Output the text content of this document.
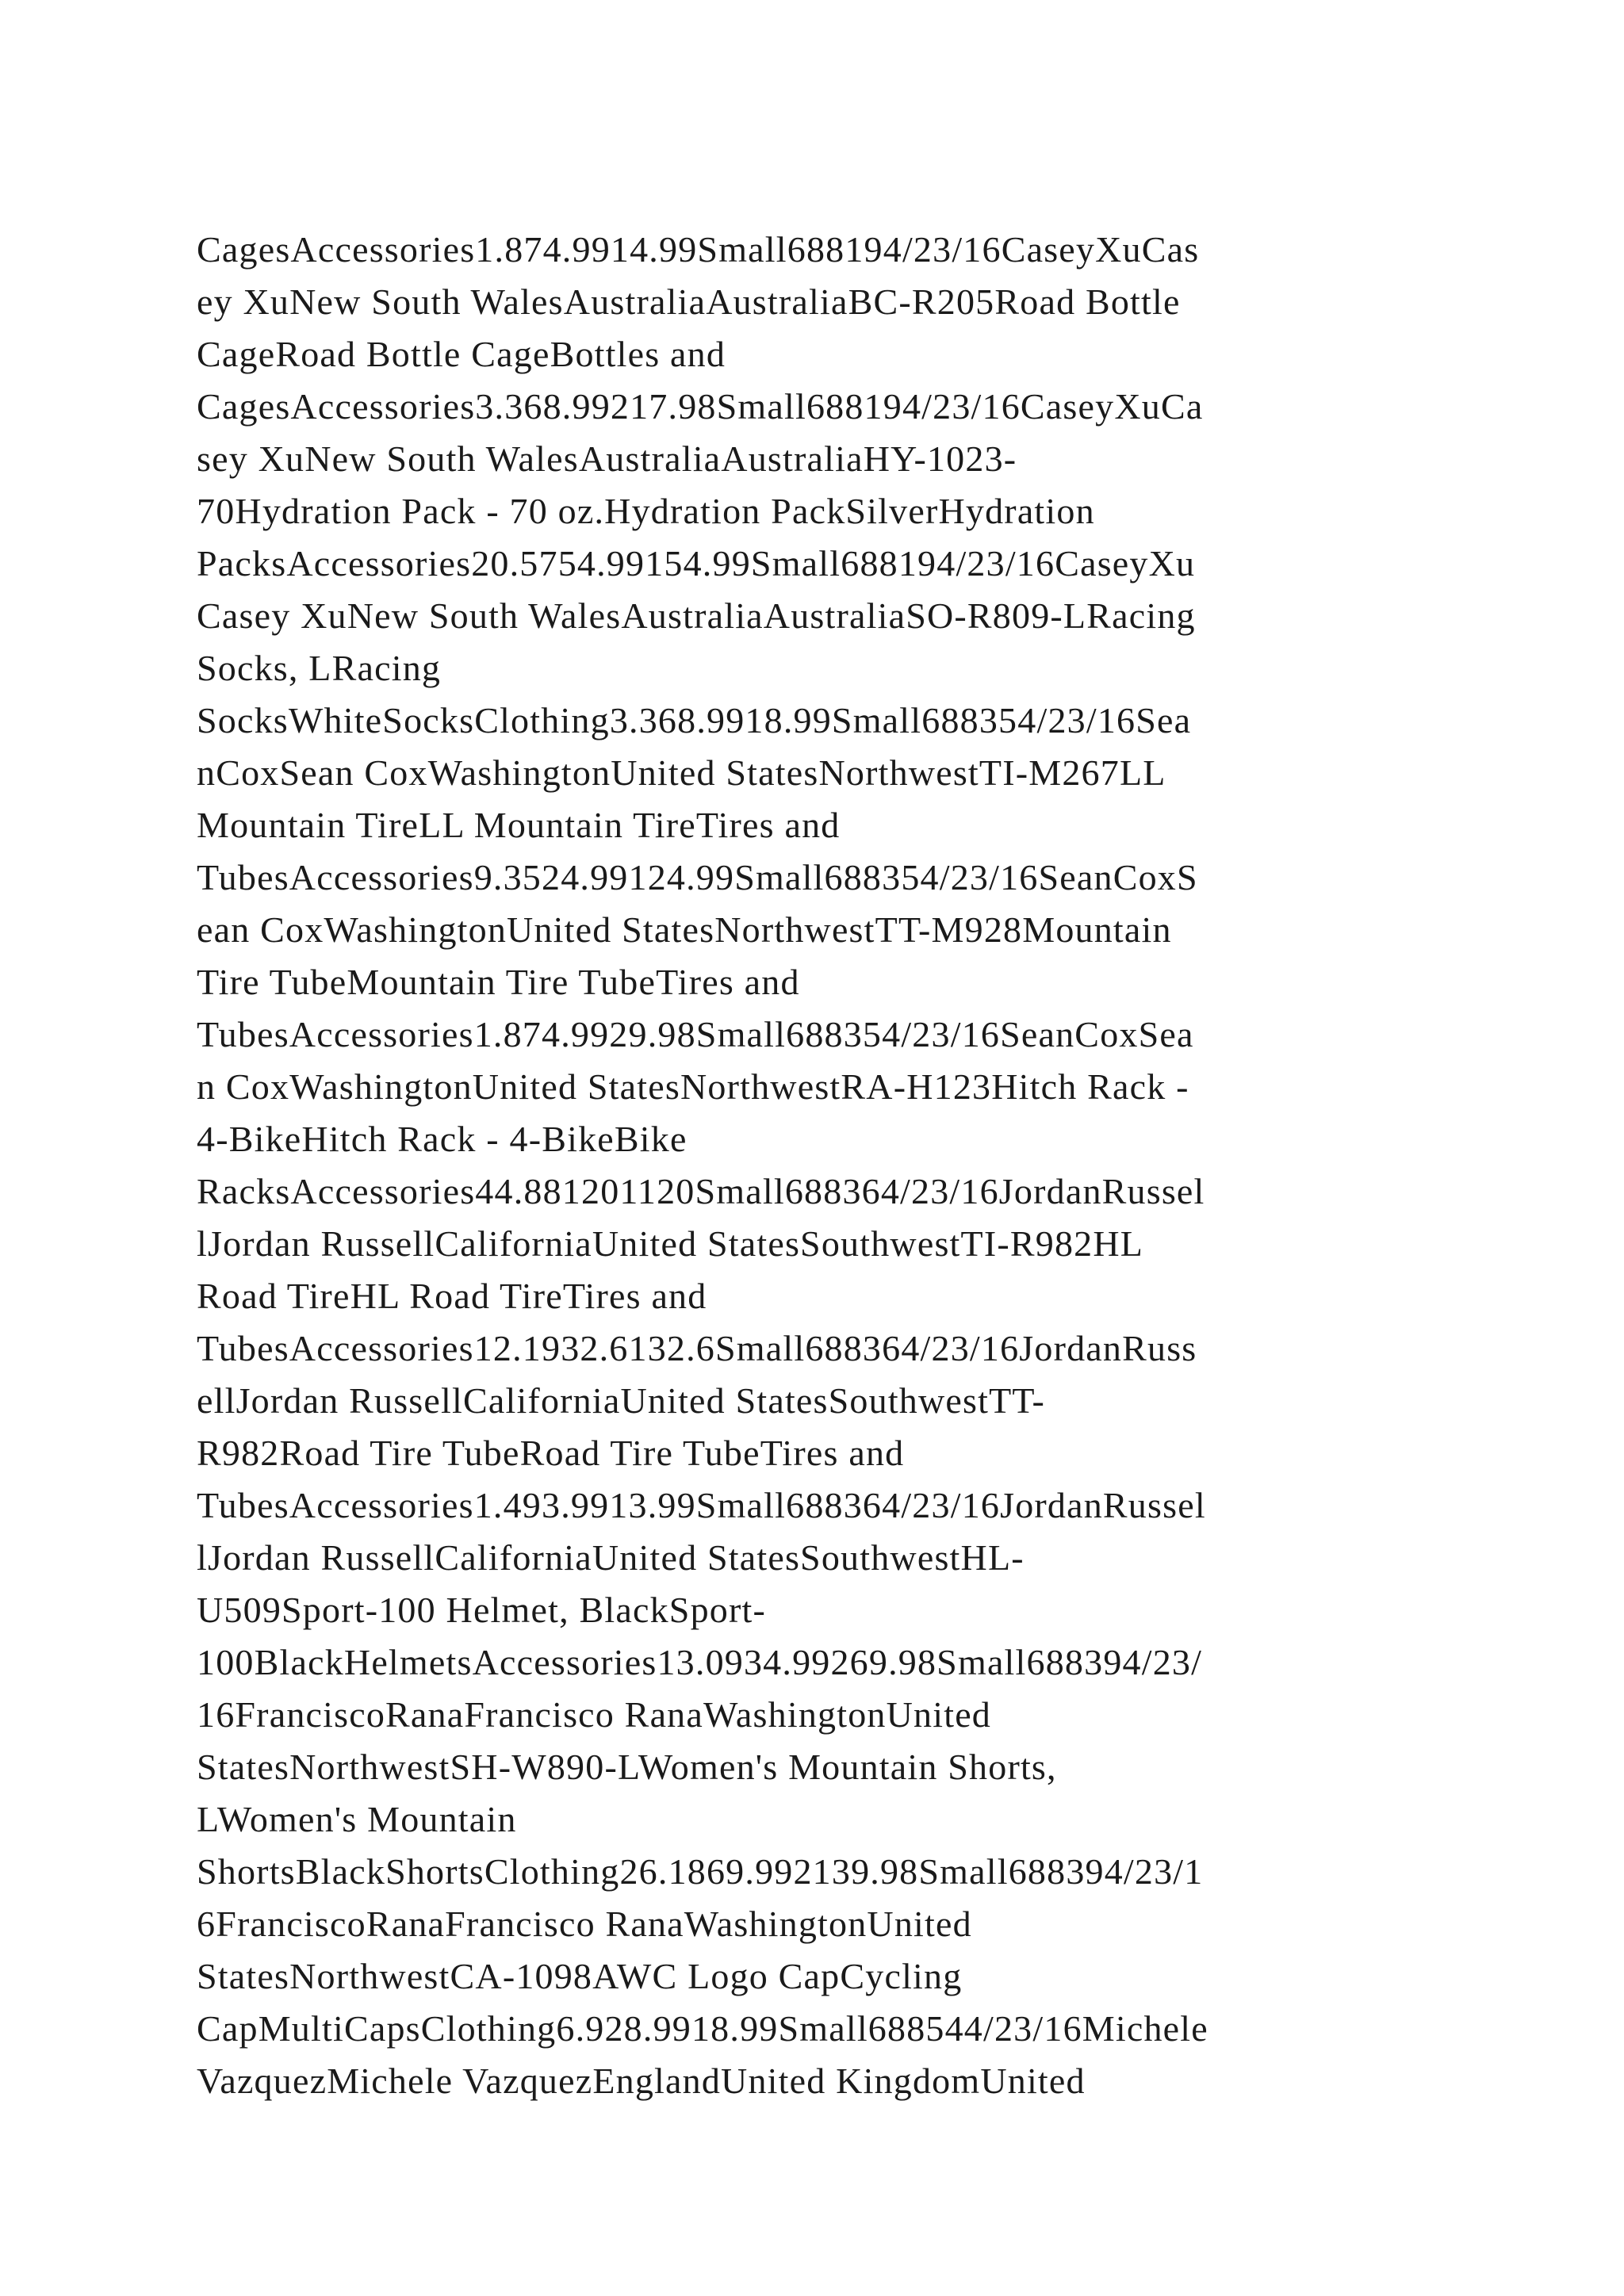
CagesAccessories1.874.9914.99Small688194/23/16CaseyXuCas
ey XuNew South WalesAustraliaAustraliaBC-R205Road Bottle
CageRoad Bottle CageBottles and
CagesAccessories3.368.99217.98Small688194/23/16CaseyXuCa
sey XuNew South WalesAustraliaAustraliaHY-1023-
70Hydration Pack - 70 oz.Hydration PackSilverHydration
PacksAccessories20.5754.99154.99Small688194/23/16CaseyXu
Casey XuNew South WalesAustraliaAustraliaSO-R809-LRacing
Socks, LRacing
SocksWhiteSocksClothing3.368.9918.99Small688354/23/16Sea
nCoxSean CoxWashingtonUnited StatesNorthwestTI-M267LL
Mountain TireLL Mountain TireTires and
TubesAccessories9.3524.99124.99Small688354/23/16SeanCoxS
ean CoxWashingtonUnited StatesNorthwestTT-M928Mountain
Tire TubeMountain Tire TubeTires and
TubesAccessories1.874.9929.98Small688354/23/16SeanCoxSea
n CoxWashingtonUnited StatesNorthwestRA-H123Hitch Rack -
4-BikeHitch Rack - 4-BikeBike
RacksAccessories44.881201120Small688364/23/16JordanRussel
lJordan RussellCaliforniaUnited StatesSouthwestTI-R982HL
Road TireHL Road TireTires and
TubesAccessories12.1932.6132.6Small688364/23/16JordanRuss
ellJordan RussellCaliforniaUnited StatesSouthwestTT-
R982Road Tire TubeRoad Tire TubeTires and
TubesAccessories1.493.9913.99Small688364/23/16JordanRussel
lJordan RussellCaliforniaUnited StatesSouthwestHL-
U509Sport-100 Helmet, BlackSport-
100BlackHelmetsAccessories13.0934.99269.98Small688394/23/
16FranciscoRanaFrancisco RanaWashingtonUnited
StatesNorthwestSH-W890-LWomen's Mountain Shorts,
LWomen's Mountain
ShortsBlackShortsClothing26.1869.992139.98Small688394/23/1
6FranciscoRanaFrancisco RanaWashingtonUnited
StatesNorthwestCA-1098AWC Logo CapCycling
CapMultiCapsClothing6.928.9918.99Small688544/23/16Michele
VazquezMichele VazquezEnglandUnited KingdomUnited
